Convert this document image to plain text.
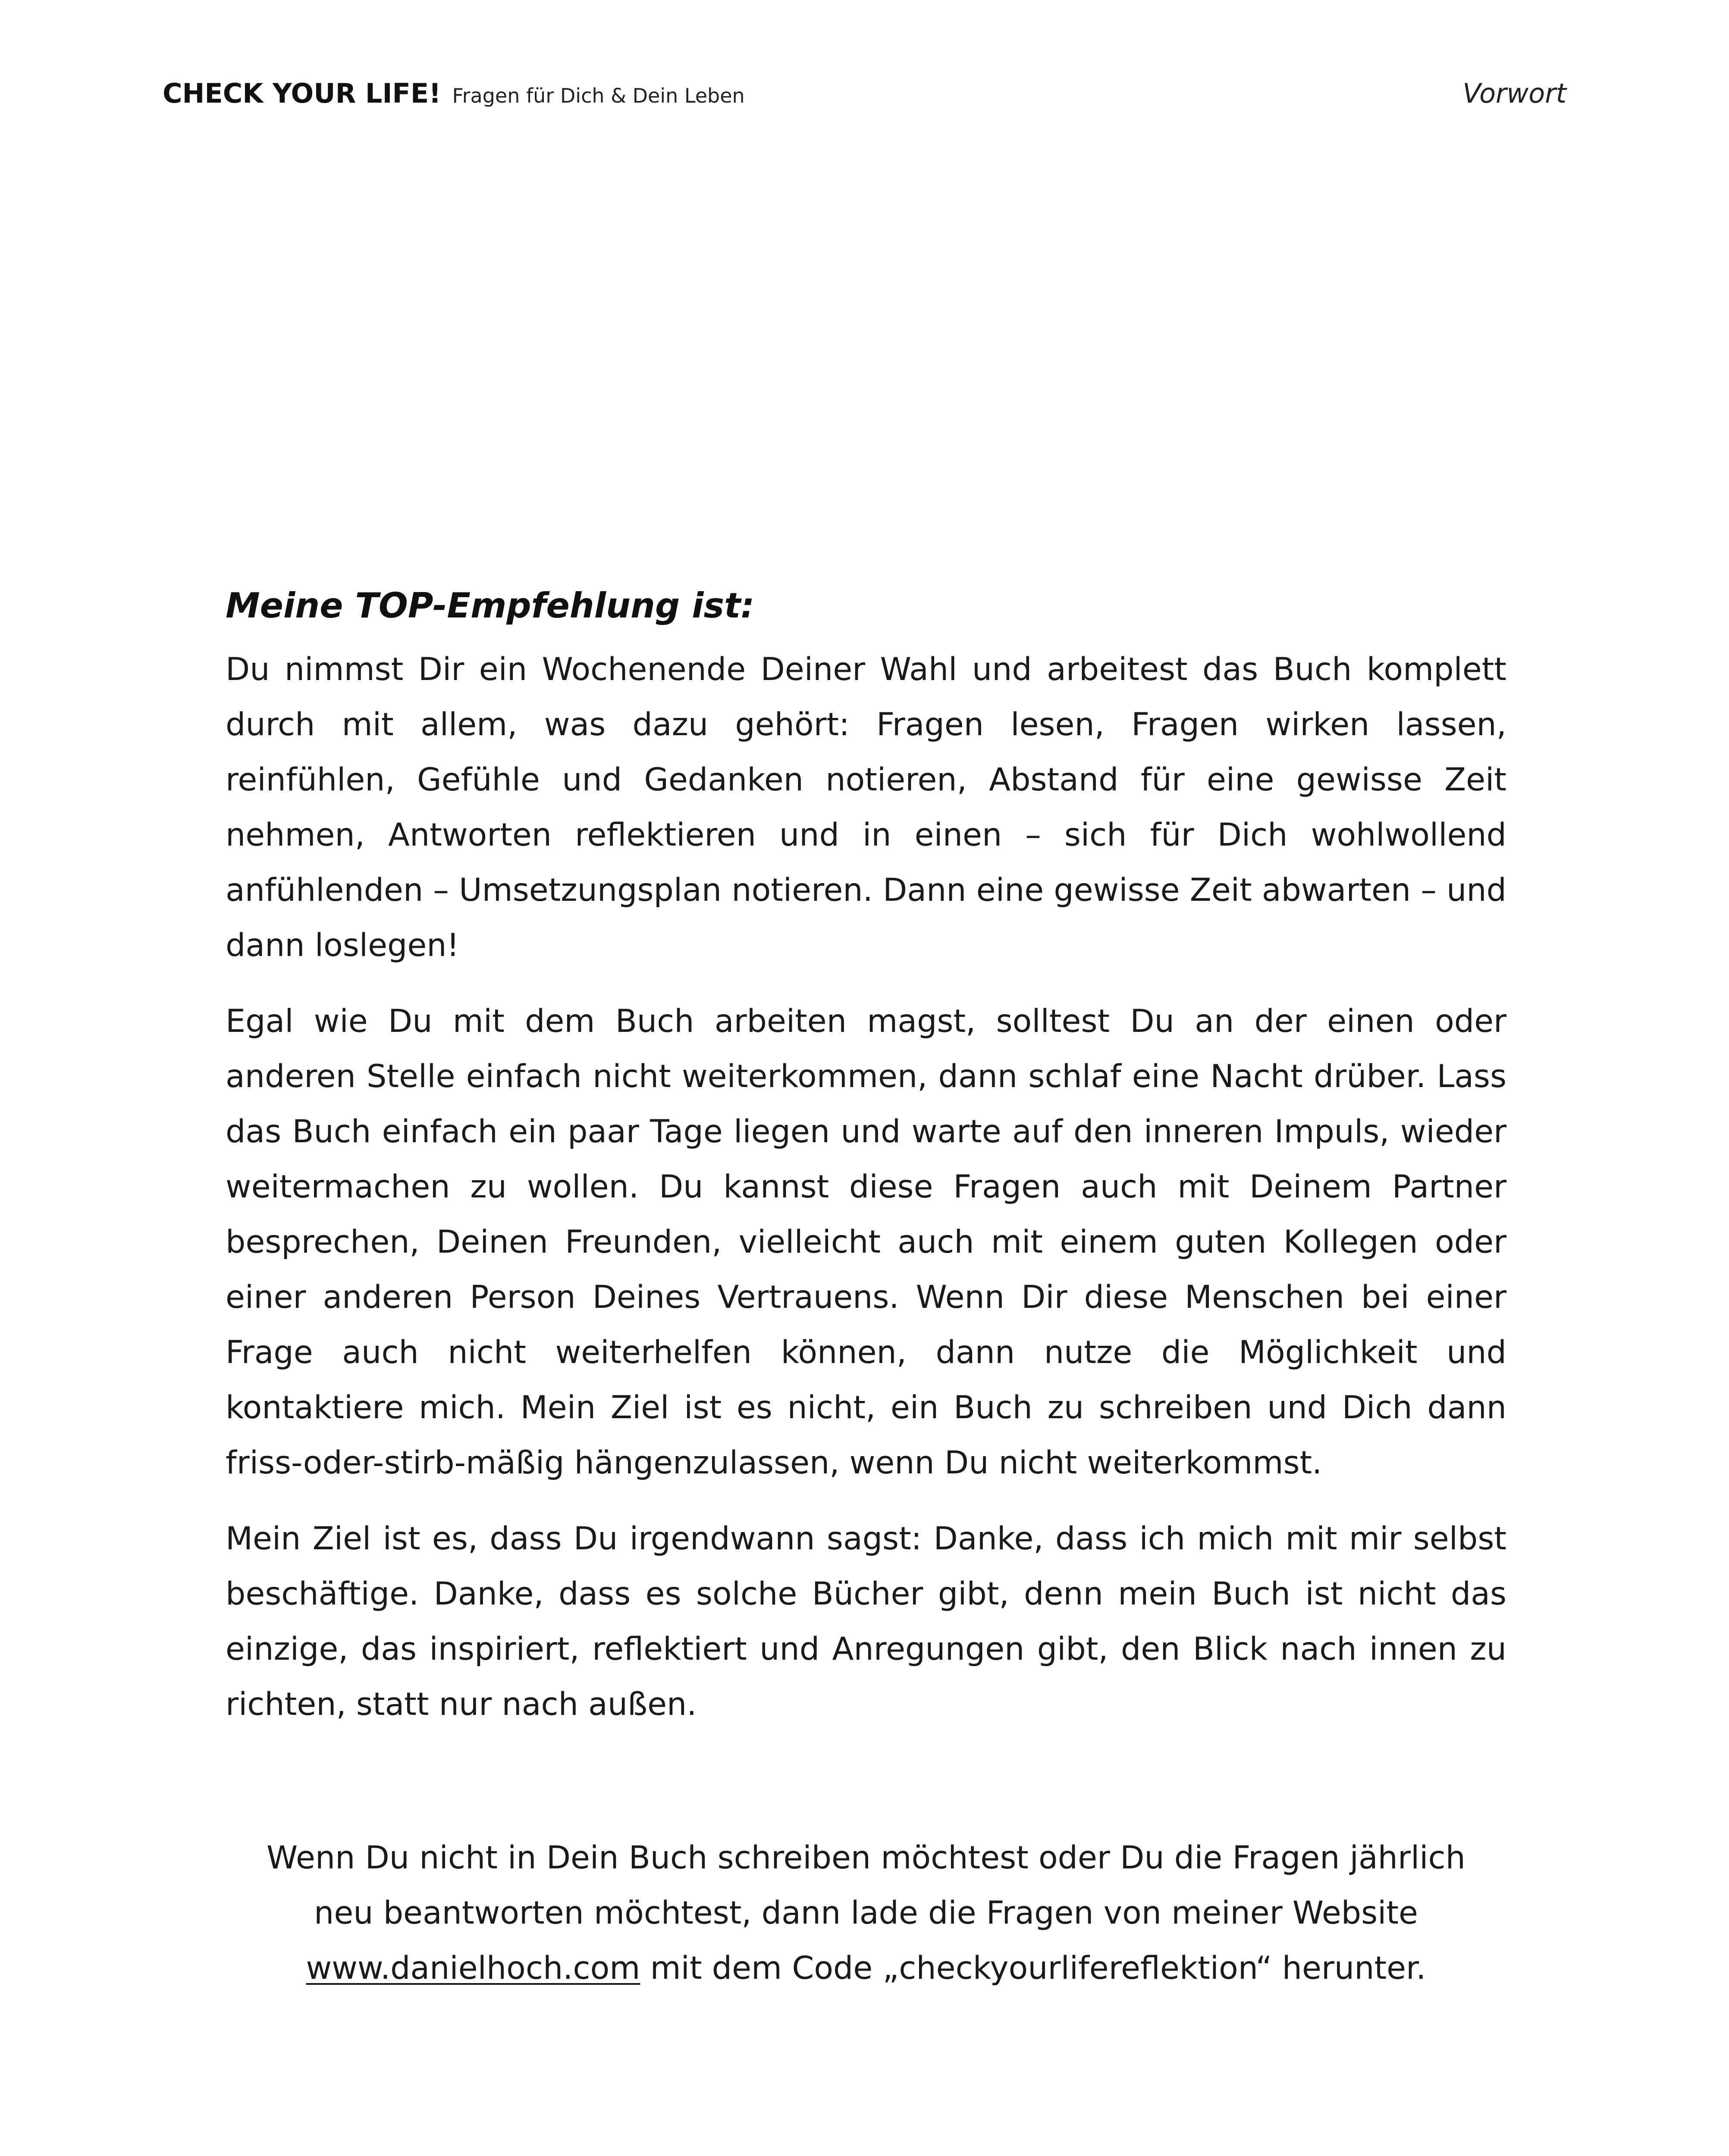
CHECK YOUR LIFE! Fragen für Dich & Dein Leben	Vorwort
Meine TOP-Empfehlung ist:

Du nimmst Dir ein Wochenende Deiner Wahl und arbeitest das Buch komplett durch mit allem, was dazu gehört: Fragen lesen, Fragen wirken lassen, reinfühlen, Gefühle und Gedanken notieren, Abstand für eine gewisse Zeit nehmen, Antworten reflektieren und in einen – sich für Dich wohlwollend anfühlenden – Umsetzungsplan notieren. Dann eine gewisse Zeit abwarten – und dann loslegen!

Egal wie Du mit dem Buch arbeiten magst, solltest Du an der einen oder anderen Stelle einfach nicht weiterkommen, dann schlaf eine Nacht drüber. Lass das Buch einfach ein paar Tage liegen und warte auf den inneren Impuls, wieder weitermachen zu wollen. Du kannst diese Fragen auch mit Deinem Partner besprechen, Deinen Freunden, vielleicht auch mit einem guten Kollegen oder einer anderen Person Deines Vertrauens. Wenn Dir diese Menschen bei einer Frage auch nicht weiterhelfen können, dann nutze die Möglichkeit und kontaktiere mich. Mein Ziel ist es nicht, ein Buch zu schreiben und Dich dann friss-oder-stirb-mäßig hängenzulassen, wenn Du nicht weiterkommst.

Mein Ziel ist es, dass Du irgendwann sagst: Danke, dass ich mich mit mir selbst beschäftige. Danke, dass es solche Bücher gibt, denn mein Buch ist nicht das einzige, das inspiriert, reflektiert und Anregungen gibt, den Blick nach innen zu richten, statt nur nach außen.

Wenn Du nicht in Dein Buch schreiben möchtest oder Du die Fragen jährlich
neu beantworten möchtest, dann lade die Fragen von meiner Website
www.danielhoch.com mit dem Code „checkyourlifereflektion“ herunter.
